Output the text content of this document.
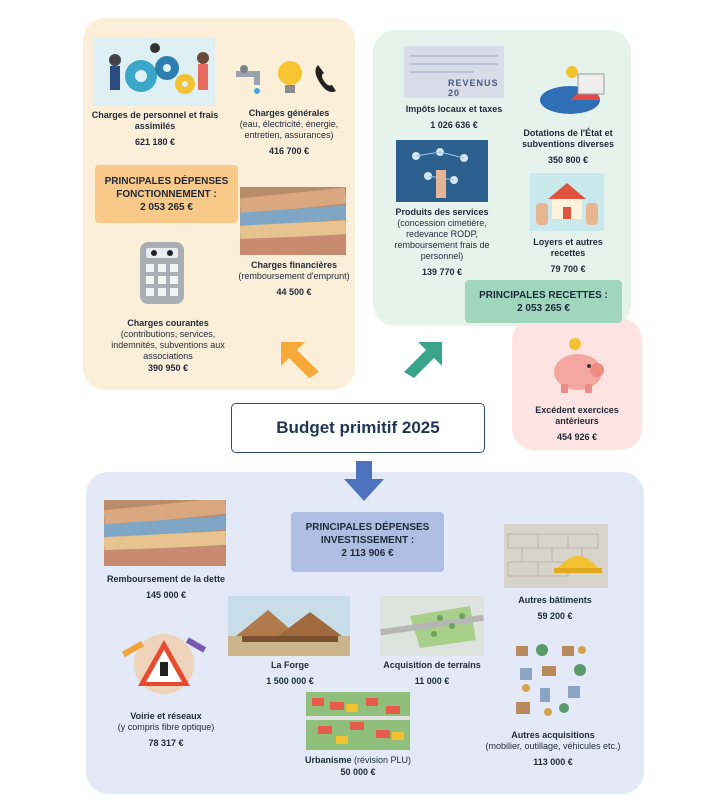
Charges de personnel et frais assimilés
621 180 €
Charges générales
(eau, électricité, énergie, entretien, assurances)
416 700 €
PRINCIPALES DÉPENSES FONCTIONNEMENT :
2 053 265 €
Charges financières
(remboursement d'emprunt)
44 500 €
Charges courantes
(contributions, services, indemnités, subventions aux associations
390 950 €
REVENUS 20
Impôts locaux et taxes
1 026 636 €
Dotations de l'État et subventions diverses
350 800 €
Produits des services
(concession cimetière, redevance RODP, remboursement frais de personnel)
139 770 €
Loyers et autres recettes
79 700 €
PRINCIPALES RECETTES :
2 053 265 €
Excédent exercices antérieurs
454 926 €
Budget primitif 2025
Remboursement de la dette
145 000 €
PRINCIPALES DÉPENSES INVESTISSEMENT :
2 113 906 €
Autres bâtiments
59 200 €
La Forge
1 500 000 €
Acquisition de terrains
11 000 €
Voirie et réseaux
(y compris fibre optique)
78 317 €
Autres acquisitions
(mobilier, outillage, véhicules etc.)
113 000 €
Urbanisme (révision PLU)
50 000 €
